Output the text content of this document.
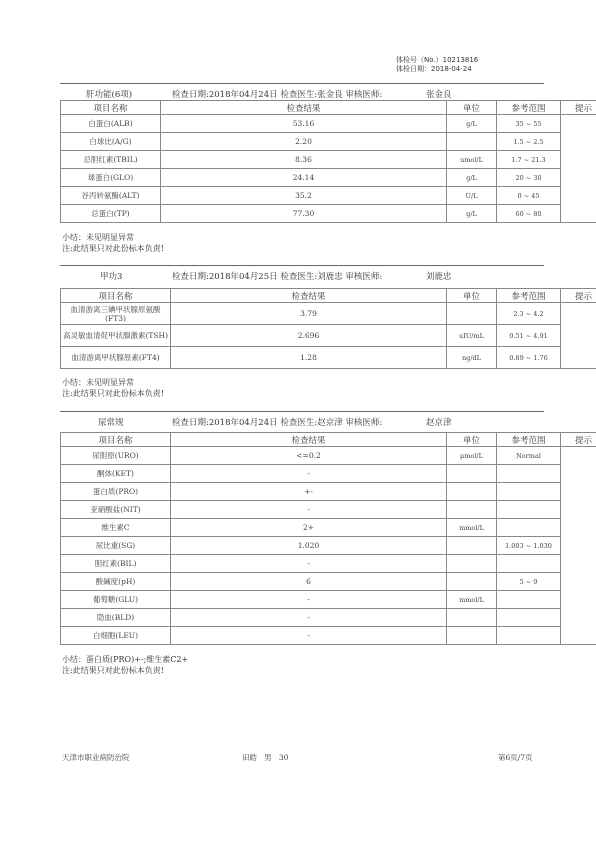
体检号（No.）10213816
体检日期：2018-04-24
肝功能(6项)	检查日期:2018年04月24日 检查医生:张金良 审核医师:	张金良
项目名称	检查结果	单位	参考范围	提示
白蛋白(ALB)	53.16	g/L	35 ~ 55	
白球比(A/G)	2.20		1.5 ~ 2.5	
总胆红素(TBIL)	8.36	umol/L	1.7 ~ 21.3	
球蛋白(GLO)	24.14	g/L	20 ~ 30	
谷丙转氨酶(ALT)	35.2	U/L	0 ~ 45	
总蛋白(TP)	77.30	g/L	60 ~ 80	
小结：未见明显异常
注:此结果只对此份标本负责!
甲功3	检查日期:2018年04月25日 检查医生:刘鹿忠 审核医师:	刘鹿忠
项目名称	检查结果	单位	参考范围	提示
血清游离三碘甲状腺原氨酸(FT3)	3.79		2.3 ~ 4.2	
高灵敏血清促甲状腺激素(TSH)	2.696	uIU/mL	0.51 ~ 4.91	
血清游离甲状腺原素(FT4)	1.28	ng/dL	0.89 ~ 1.76	
小结：未见明显异常
注:此结果只对此份标本负责!
尿常规	检查日期:2018年04月24日 检查医生:赵京津 审核医师:	赵京津
项目名称	检查结果	单位	参考范围	提示
尿胆原(URO)	<=0.2	μmol/L	Normal	
酮体(KET)	-			
蛋白质(PRO)	+-			
亚硝酸盐(NIT)	-			
维生素C	2+	mmol/L		
尿比重(SG)	1.020		1.003 ~ 1.030	
胆红素(BIL)	-			
酸碱度(pH)	6		5 ~ 9	
葡萄糖(GLU)	-	mmol/L		
隐血(BLD)	-			
白细胞(LEU)	-			
小结：蛋白质(PRO)+-;维生素C2+
注:此结果只对此份标本负责!
天津市职业病防治院	田皓 男 30	第6页/7页
